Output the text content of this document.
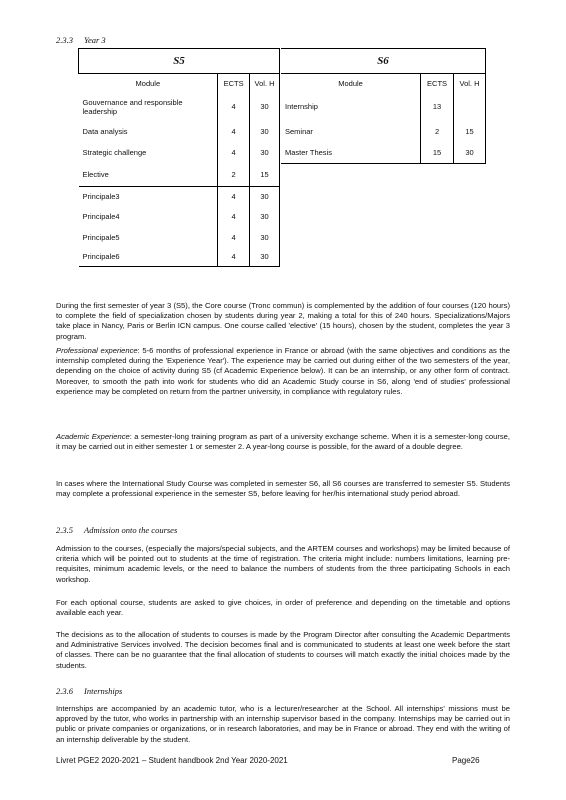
2.3.3 Year 3
S5		
Module	ECTS	Vol. H
Gouvernance and responsible leadership	4	30
Data analysis	4	30
Strategic challenge	4	30
Elective	2	15
Principale3	4	30
Principale4	4	30
Principale5	4	30
Principale6	4	30
S6		
Module	ECTS	Vol. H
Internship	13	
Seminar	2	15
Master Thesis	15	30

During the first semester of year 3 (S5), the Core course (Tronc commun) is complemented by the addition of four courses (120 hours) to complete the field of specialization chosen by students during year 2, making a total for this of 240 hours. Specializations/Majors take place in Nancy, Paris or Berlin ICN campus. One course called 'elective' (15 hours), chosen by the student, completes the year 3 program.

Professional experience: 5-6 months of professional experience in France or abroad (with the same objectives and conditions as the internship completed during the 'Experience Year'). The experience may be carried out during either of the two semesters of the year, depending on the choice of activity during S5 (cf Academic Experience below). It can be an internship, or any other form of contract. Moreover, to smooth the path into work for students who did an Academic Study course in S6, along 'end of studies' professional experience may be completed on return from the partner university, in compliance with regulatory rules.

Academic Experience: a semester-long training program as part of a university exchange scheme. When it is a semester-long course, it may be carried out in either semester 1 or semester 2. A year-long course is possible, for the award of a double degree.

In cases where the International Study Course was completed in semester S6, all S6 courses are transferred to semester S5. Students may complete a professional experience in the semester S5, before leaving for her/his international study period abroad.

2.3.5 Admission onto the courses

Admission to the courses, (especially the majors/special subjects, and the ARTEM courses and workshops) may be limited because of criteria which will be pointed out to students at the time of registration. The criteria might include: numbers limitations, learning pre-requisites, minimum academic levels, or the need to balance the numbers of students from the three participating Schools in each workshop.

For each optional course, students are asked to give choices, in order of preference and depending on the timetable and options available each year.

The decisions as to the allocation of students to courses is made by the Program Director after consulting the Academic Departments and Administrative Services involved. The decision becomes final and is communicated to students at least one week before the start of classes. There can be no guarantee that the final allocation of students to courses will match exactly the initial choices made by the students.

2.3.6 Internships

Internships are accompanied by an academic tutor, who is a lecturer/researcher at the School. All internships' missions must be approved by the tutor, who works in partnership with an internship supervisor based in the company. Internships may be carried out in public or private companies or organizations, or in research laboratories, and may be in France or abroad. They end with the writing of an internship deliverable by the student.

Livret PGE2 2020-2021 – Student handbook 2nd Year 2020-2021	Page26
